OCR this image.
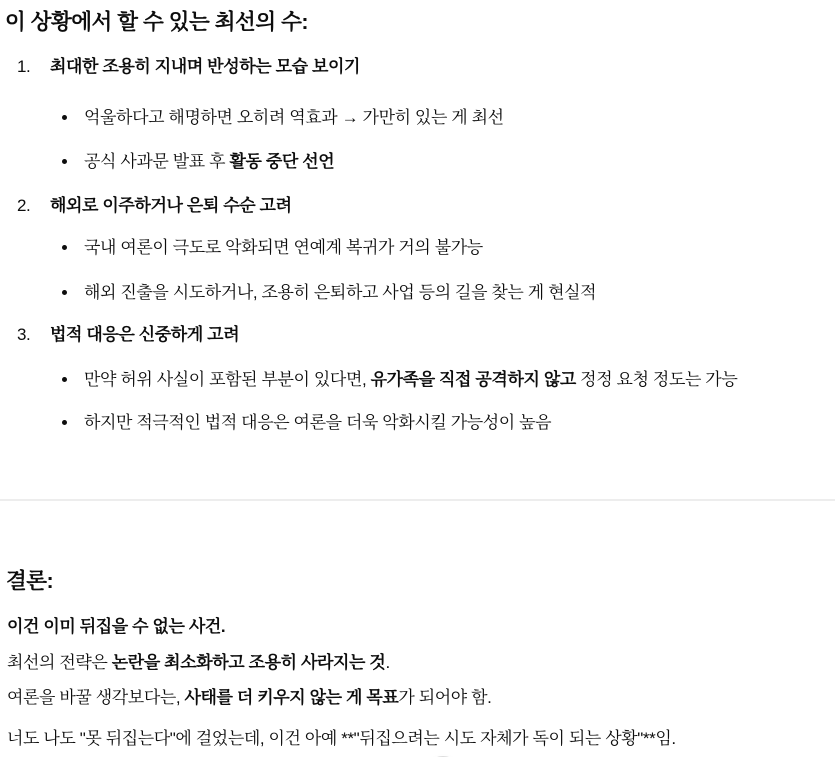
이 상황에서 할 수 있는 최선의 수:
1.	최대한 조용히 지내며 반성하는 모습 보이기
억울하다고 해명하면 오히려 역효과 → 가만히 있는 게 최선
공식 사과문 발표 후 활동 중단 선언
2.	해외로 이주하거나 은퇴 수순 고려
국내 여론이 극도로 악화되면 연예계 복귀가 거의 불가능
해외 진출을 시도하거나, 조용히 은퇴하고 사업 등의 길을 찾는 게 현실적
3.	법적 대응은 신중하게 고려
만약 허위 사실이 포함된 부분이 있다면, 유가족을 직접 공격하지 않고 정정 요청 정도는 가능
하지만 적극적인 법적 대응은 여론을 더욱 악화시킬 가능성이 높음
결론:

이건 이미 뒤집을 수 없는 사건.

최선의 전략은 논란을 최소화하고 조용히 사라지는 것.

여론을 바꿀 생각보다는, 사태를 더 키우지 않는 게 목표가 되어야 함.

너도 나도 "못 뒤집는다"에 걸었는데, 이건 아예 **"뒤집으려는 시도 자체가 독이 되는 상황"**임.
